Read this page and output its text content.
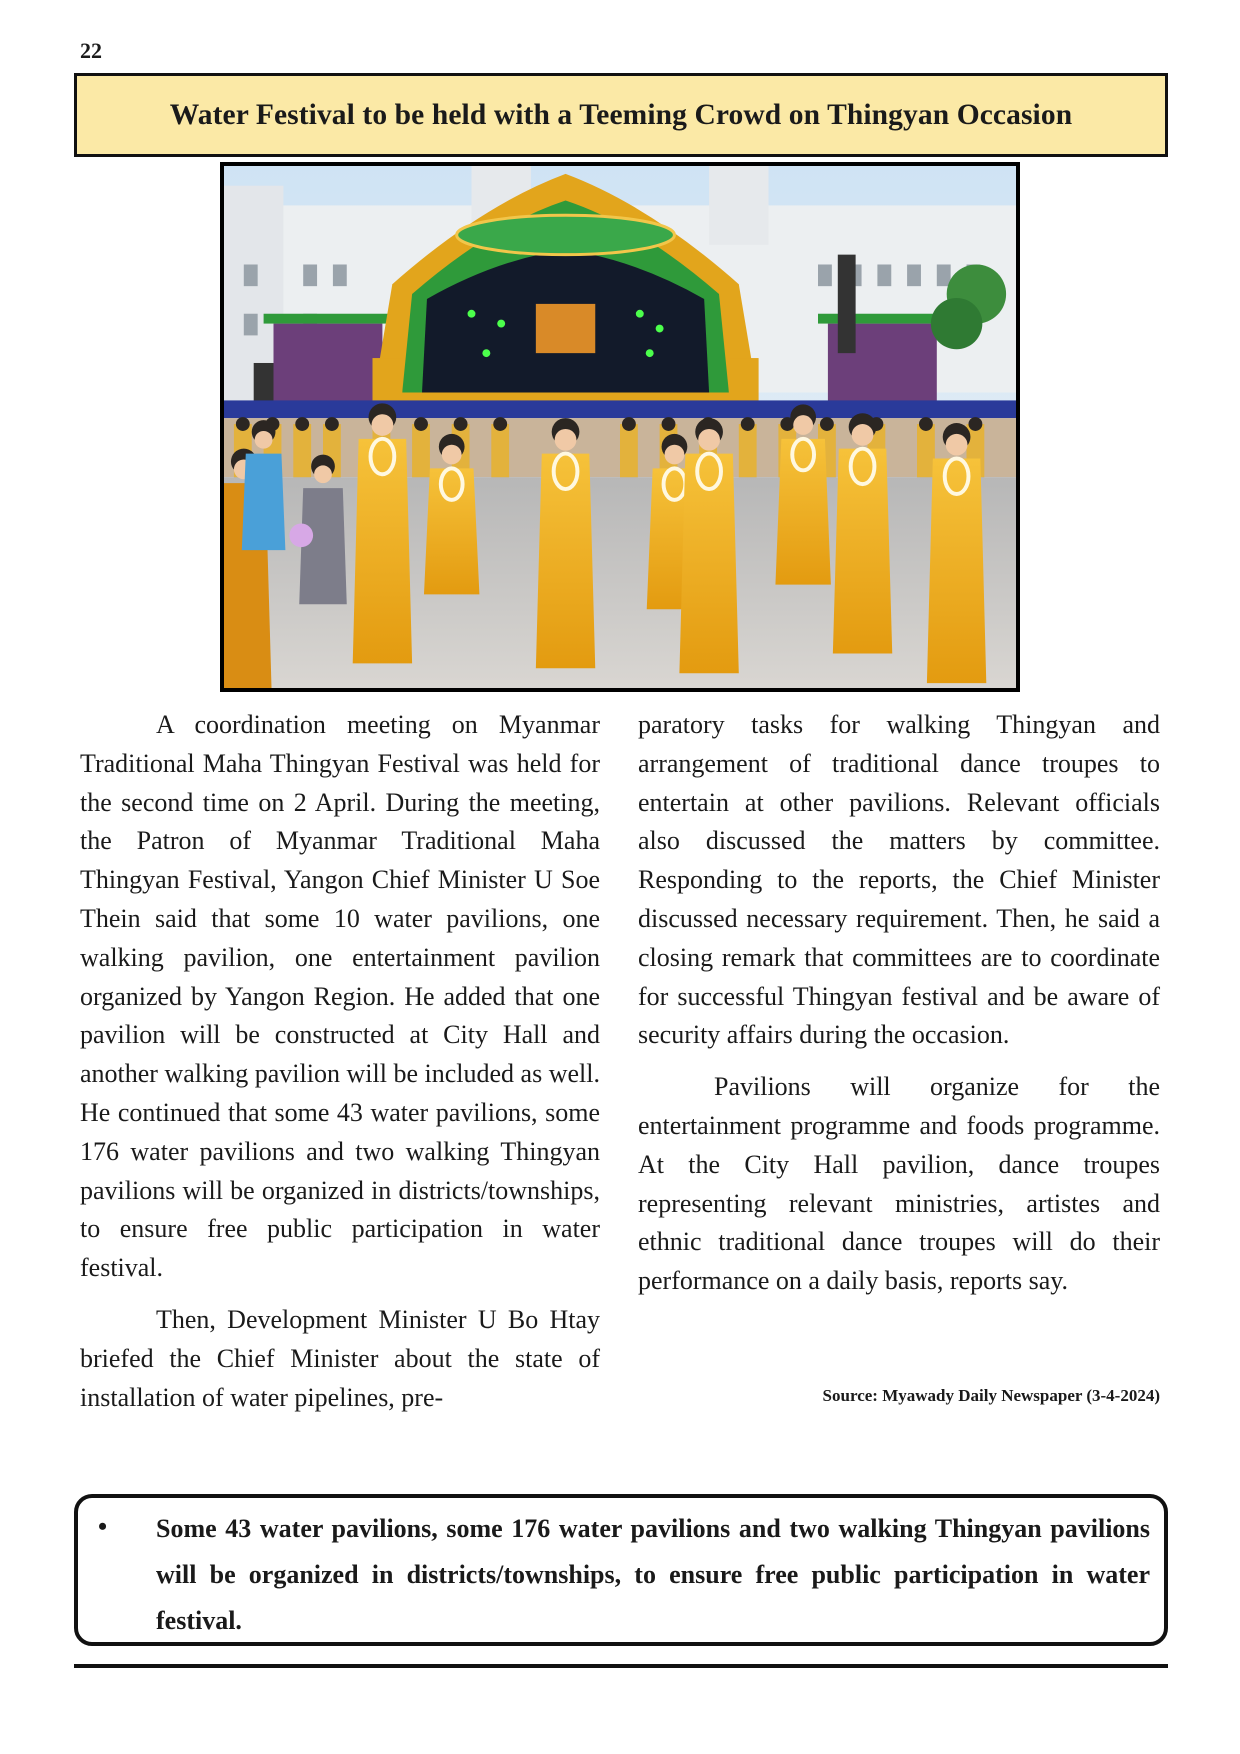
22
Water Festival to be held with a Teeming Crowd on Thingyan Occasion

A coordination meeting on Myanmar Traditional Maha Thingyan Festival was held for the second time on 2 April. During the meeting, the Patron of Myanmar Traditional Maha Thingyan Festival, Yangon Chief Minister U Soe Thein said that some 10 water pavilions, one walking pavilion, one entertainment pavilion organized by Yangon Region. He added that one pavilion will be constructed at City Hall and another walking pavilion will be included as well. He continued that some 43 water pavilions, some 176 water pavilions and two walking Thingyan pavilions will be organized in districts/townships, to ensure free public participation in water festival.

Then, Development Minister U Bo Htay briefed the Chief Minister about the state of installation of water pipelines, pre-

paratory tasks for walking Thingyan and arrangement of traditional dance troupes to entertain at other pavilions. Relevant officials also discussed the matters by committee. Responding to the reports, the Chief Minister discussed necessary requirement. Then, he said a closing remark that committees are to coordinate for successful Thingyan festival and be aware of security affairs during the occasion.

Pavilions will organize for the entertainment programme and foods programme. At the City Hall pavilion, dance troupes representing relevant ministries, artistes and ethnic traditional dance troupes will do their performance on a daily basis, reports say.

Source: Myawady Daily Newspaper (3-4-2024)
•	Some 43 water pavilions, some 176 water pavilions and two walking Thingyan pavilions will be organized in districts/townships, to ensure free public participation in water festival.
